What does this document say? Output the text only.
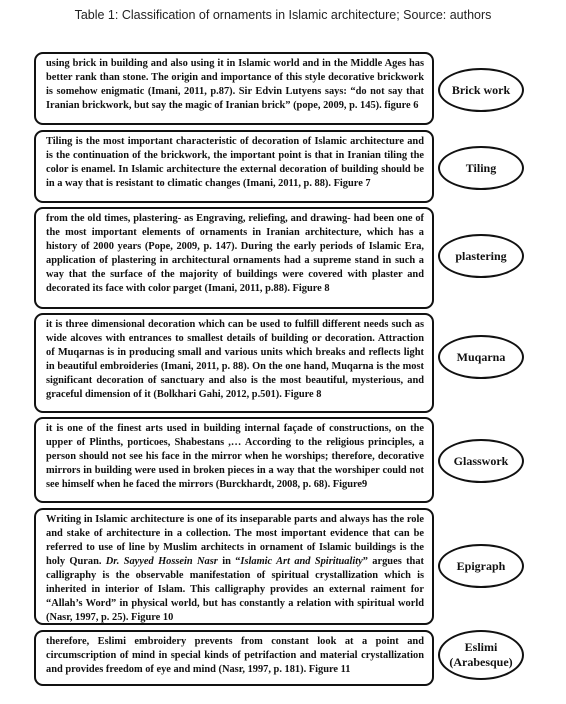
Table 1: Classification of ornaments in Islamic architecture; Source: authors
using brick in building and also using it in Islamic world and in the Middle Ages has better rank than stone. The origin and importance of this style decorative brickwork is somehow enigmatic (Imani, 2011, p.87). Sir Edvin Lutyens says: “do not say that Iranian brickwork, but say the magic of Iranian brick” (pope, 2009, p. 145). figure 6
Brick work
Tiling is the most important characteristic of decoration of Islamic architecture and is the continuation of the brickwork, the important point is that in Iranian tiling the color is enamel. In Islamic architecture the external decoration of building should be in a way that is resistant to climatic changes (Imani, 2011, p. 88). Figure 7
Tiling
from the old times, plastering- as Engraving, reliefing, and drawing- had been one of the most important elements of ornaments in Iranian architecture, which has a history of 2000 years (Pope, 2009, p. 147). During the early periods of Islamic Era, application of plastering in architectural ornaments had a supreme stand in such a way that the surface of the majority of buildings were covered with plaster and decorated its face with color parget (Imani, 2011, p.88). Figure 8
plastering
it is three dimensional decoration which can be used to fulfill different needs such as wide alcoves with entrances to smallest details of building or decoration. Attraction of Muqarnas is in producing small and various units which breaks and reflects light in beautiful embroideries (Imani, 2011, p. 88). On the one hand, Muqarna is the most significant decoration of sanctuary and also is the most beautiful, mysterious, and graceful dimension of it (Bolkhari Gahi, 2012, p.501). Figure 8
Muqarna
it is one of the finest arts used in building internal façade of constructions, on the upper of Plinths, porticoes, Shabestans ,… According to the religious principles, a person should not see his face in the mirror when he worships; therefore, decorative mirrors in building were used in broken pieces in a way that the worshiper could not see himself when he faced the mirrors (Burckhardt, 2008, p. 68). Figure9
Glasswork
Writing in Islamic architecture is one of its inseparable parts and always has the role and stake of architecture in a collection. The most important evidence that can be referred to use of line by Muslim architects in ornament of Islamic buildings is the holy Quran. Dr. Sayyed Hossein Nasr in “Islamic Art and Spirituality” argues that calligraphy is the observable manifestation of spiritual crystallization which is inherited in interior of Islam. This calligraphy provides an external raiment for “Allah’s Word” in physical world, but has constantly a relation with spiritual world (Nasr, 1997, p. 25). Figure 10
Epigraph
therefore, Eslimi embroidery prevents from constant look at a point and circumscription of mind in special kinds of petrifaction and material crystallization and provides freedom of eye and mind (Nasr, 1997, p. 181). Figure 11
Eslimi
(Arabesque)
